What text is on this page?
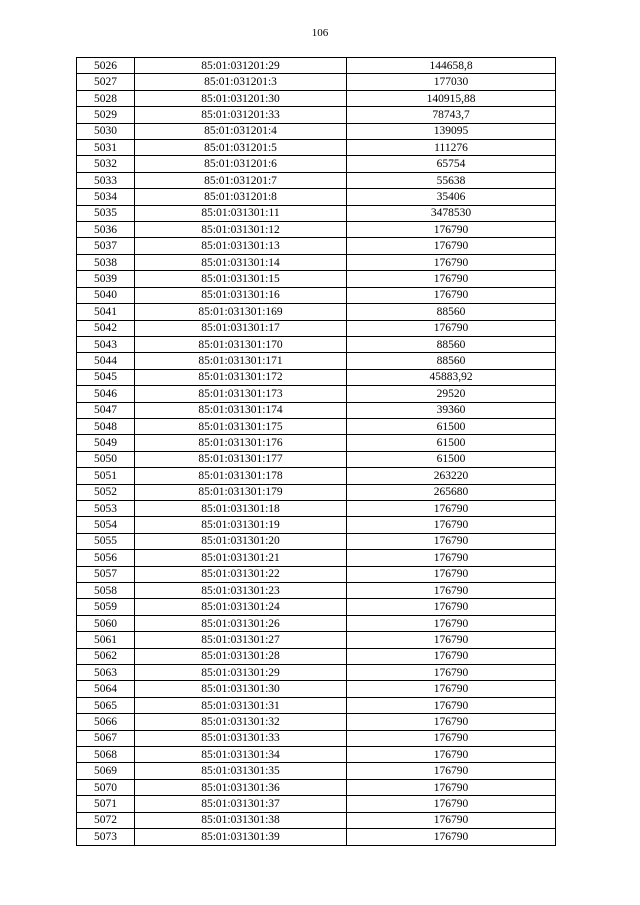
106
5026	85:01:031201:29	144658,8
5027	85:01:031201:3	177030
5028	85:01:031201:30	140915,88
5029	85:01:031201:33	78743,7
5030	85:01:031201:4	139095
5031	85:01:031201:5	111276
5032	85:01:031201:6	65754
5033	85:01:031201:7	55638
5034	85:01:031201:8	35406
5035	85:01:031301:11	3478530
5036	85:01:031301:12	176790
5037	85:01:031301:13	176790
5038	85:01:031301:14	176790
5039	85:01:031301:15	176790
5040	85:01:031301:16	176790
5041	85:01:031301:169	88560
5042	85:01:031301:17	176790
5043	85:01:031301:170	88560
5044	85:01:031301:171	88560
5045	85:01:031301:172	45883,92
5046	85:01:031301:173	29520
5047	85:01:031301:174	39360
5048	85:01:031301:175	61500
5049	85:01:031301:176	61500
5050	85:01:031301:177	61500
5051	85:01:031301:178	263220
5052	85:01:031301:179	265680
5053	85:01:031301:18	176790
5054	85:01:031301:19	176790
5055	85:01:031301:20	176790
5056	85:01:031301:21	176790
5057	85:01:031301:22	176790
5058	85:01:031301:23	176790
5059	85:01:031301:24	176790
5060	85:01:031301:26	176790
5061	85:01:031301:27	176790
5062	85:01:031301:28	176790
5063	85:01:031301:29	176790
5064	85:01:031301:30	176790
5065	85:01:031301:31	176790
5066	85:01:031301:32	176790
5067	85:01:031301:33	176790
5068	85:01:031301:34	176790
5069	85:01:031301:35	176790
5070	85:01:031301:36	176790
5071	85:01:031301:37	176790
5072	85:01:031301:38	176790
5073	85:01:031301:39	176790
